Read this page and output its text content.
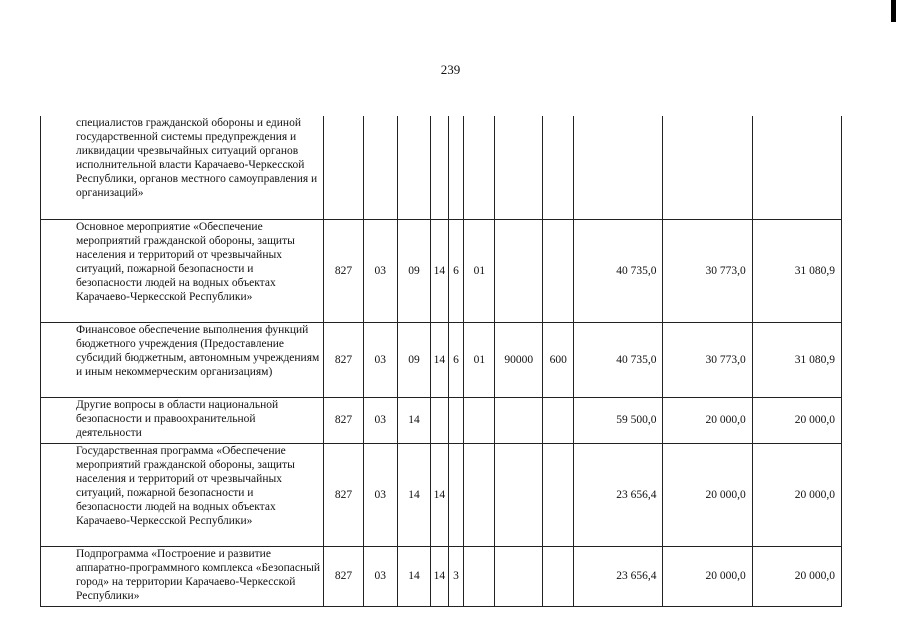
239
специалистов гражданской обороны и единой государственной системы предупреждения и ликвидации чрезвычайных ситуаций органов исполнительной власти Карачаево-Черкесской Республики, органов местного самоуправления и организаций»											
Основное мероприятие «Обеспечение мероприятий гражданской обороны, защиты населения и территорий от чрезвычайных ситуаций, пожарной безопасности и безопасности людей на водных объектах Карачаево-Черкесской Республики»	827	03	09	14	6	01			40 735,0	30 773,0	31 080,9
Финансовое обеспечение выполнения функций бюджетного учреждения (Предоставление субсидий бюджетным, автономным учреждениям и иным некоммерческим организациям)	827	03	09	14	6	01	90000	600	40 735,0	30 773,0	31 080,9
Другие вопросы в области национальной безопасности и правоохранительной деятельности	827	03	14						59 500,0	20 000,0	20 000,0
Государственная программа «Обеспечение мероприятий гражданской обороны, защиты населения и территорий от чрезвычайных ситуаций, пожарной безопасности и безопасности людей на водных объектах Карачаево-Черкесской Республики»	827	03	14	14					23 656,4	20 000,0	20 000,0
Подпрограмма «Построение и развитие аппаратно-программного комплекса «Безопасный город» на территории Карачаево-Черкесской Республики»	827	03	14	14	3				23 656,4	20 000,0	20 000,0
